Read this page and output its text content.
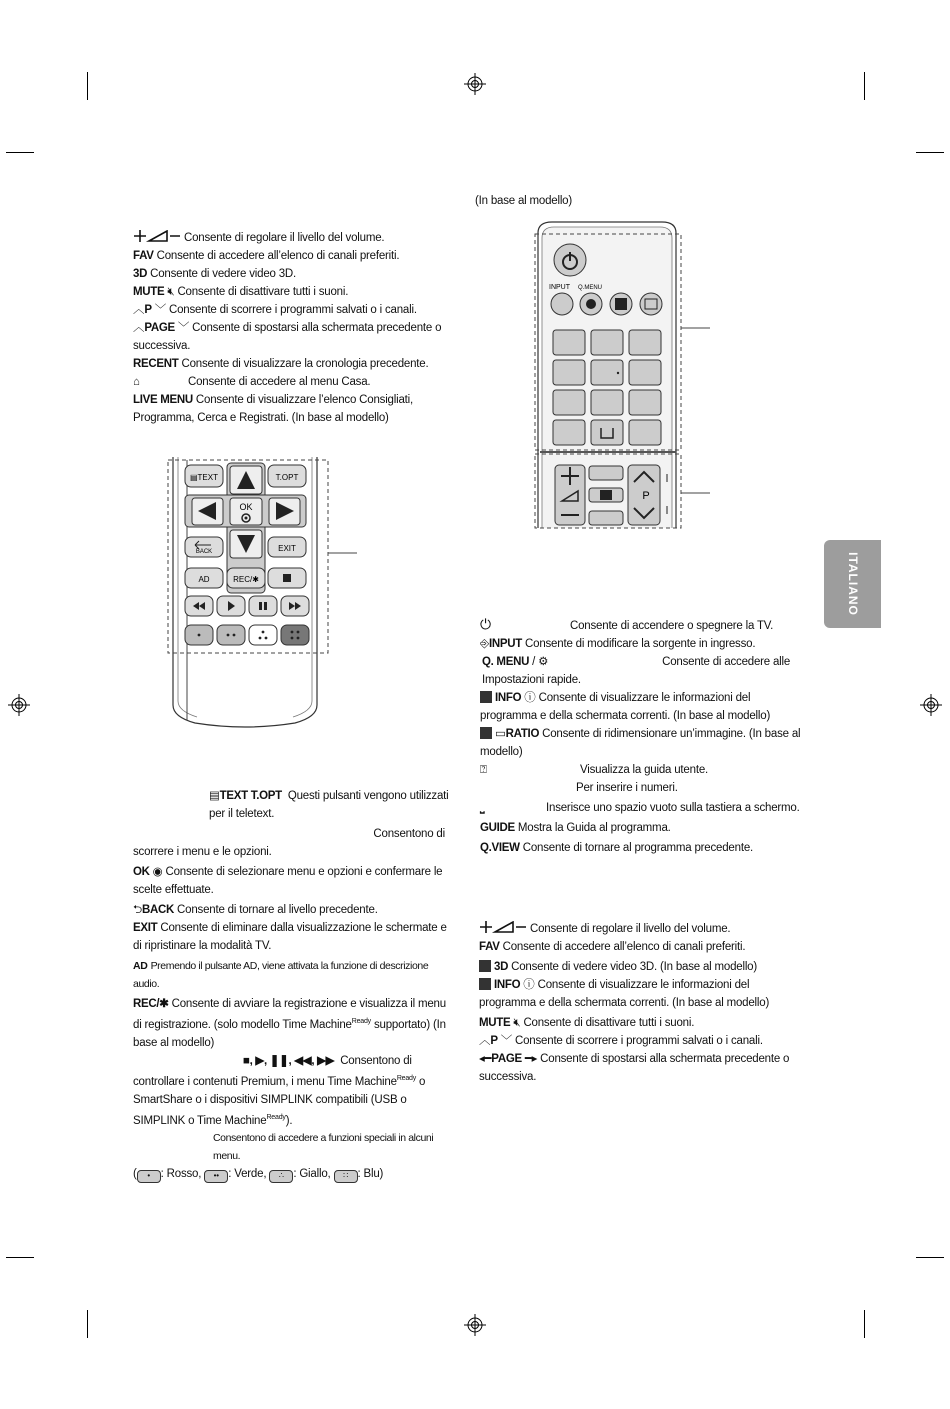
ITALIANO
(In base al modello)
Consente di regolare il livello del volume.
FAV Consente di accedere all’elenco di canali preferiti.
3D Consente di vedere video 3D.
MUTE 🔇︎ Consente di disattivare tutti i suoni.
︿P ﹀ Consente di scorrere i programmi salvati o i canali.
︿PAGE ﹀ Consente di spostarsi alla schermata precedente o successiva.
RECENT Consente di visualizzare la cronologia precedente.
⌂	Consente di accedere al menu Casa.
LIVE MENU Consente di visualizzare l’elenco Consigliati, Programma, Cerca e Registrati. (In base al modello)
▤TEXT	T.OPT
OK
BACK	EXIT
AD	REC/✱
▤TEXT T.OPT Questi pulsanti vengono utilizzati per il teletext.
Consentono di
scorrere i menu e le opzioni.
OK ◉ Consente di selezionare menu e opzioni e confermare le scelte effettuate.
⮌BACK Consente di tornare al livello precedente.
EXIT Consente di eliminare dalla visualizzazione le schermate e di ripristinare la modalità TV.
AD Premendo il pulsante AD, viene attivata la funzione di descrizione audio.
REC/✱ Consente di avviare la registrazione e visualizza il menu di registrazione. (solo modello Time Machine$^{Ready}$ supportato) (In base al modello)
■, ▶, ❚❚, ◀◀, ▶▶ Consentono di
controllare i contenuti Premium, i menu Time Machine$^{Ready}$ o SmartShare o i dispositivi SIMPLINK compatibili (USB o SIMPLINK o Time Machine$^{Ready}$).
Consentono di accedere a funzioni speciali in alcuni menu.
( • : Rosso, •• : Verde, ∴ : Giallo, ∷ : Blu)
INPUT Q.MENU
P
⏻	Consente di accendere o spegnere la TV.
⎆INPUT Consente di modificare la sorgente in ingresso.
Q. MENU / ⚙	Consente di accedere alle Impostazioni rapide.
INFO ⓘ Consente di visualizzare le informazioni del programma e della schermata correnti. (In base al modello)
▭RATIO Consente di ridimensionare un’immagine. (In base al modello)
⍰	Visualizza la guida utente.
Per inserire i numeri.
⎵	Inserisce uno spazio vuoto sulla tastiera a schermo.
GUIDE Mostra la Guida al programma.
Q.VIEW Consente di tornare al programma precedente.
Consente di regolare il livello del volume.
FAV Consente di accedere all’elenco di canali preferiti.
3D Consente di vedere video 3D. (In base al modello)
INFO ⓘ Consente di visualizzare le informazioni del programma e della schermata correnti. (In base al modello)
MUTE 🔇︎ Consente di disattivare tutti i suoni.
︿P ﹀ Consente di scorrere i programmi salvati o i canali.
◂━PAGE ━▸ Consente di spostarsi alla schermata precedente o successiva.
